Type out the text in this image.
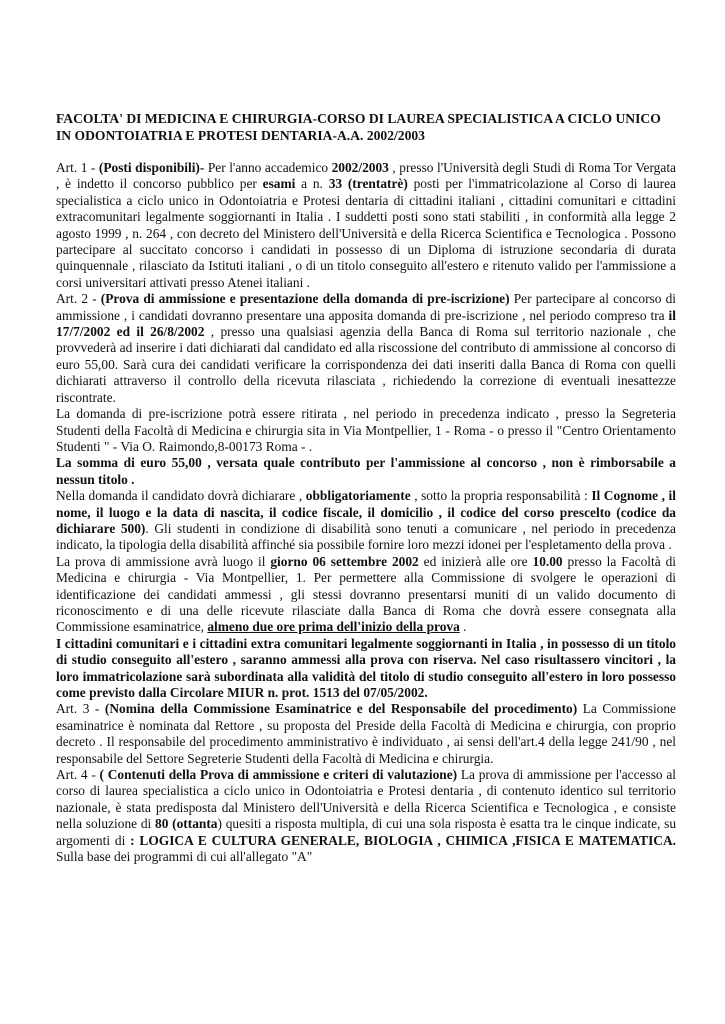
FACOLTA' DI MEDICINA E CHIRURGIA-CORSO DI LAUREA SPECIALISTICA A CICLO UNICO IN ODONTOIATRIA E PROTESI DENTARIA-A.A. 2002/2003

Art. 1 - (Posti disponibili)- Per l'anno accademico 2002/2003 , presso l'Università degli Studi di Roma Tor Vergata , è indetto il concorso pubblico per esami a n. 33 (trentatrè) posti per l'immatricolazione al Corso di laurea specialistica a ciclo unico in Odontoiatria e Protesi dentaria di cittadini italiani , cittadini comunitari e cittadini extracomunitari legalmente soggiornanti in Italia . I suddetti posti sono stati stabiliti , in conformità alla legge 2 agosto 1999 , n. 264 , con decreto del Ministero dell'Università e della Ricerca Scientifica e Tecnologica . Possono partecipare al succitato concorso i candidati in possesso di un Diploma di istruzione secondaria di durata quinquennale , rilasciato da Istituti italiani , o di un titolo conseguito all'estero e ritenuto valido per l'ammissione a corsi universitari attivati presso Atenei italiani .

Art. 2 - (Prova di ammissione e presentazione della domanda di pre-iscrizione) Per partecipare al concorso di ammissione , i candidati dovranno presentare una apposita domanda di pre-iscrizione , nel periodo compreso tra il 17/7/2002 ed il 26/8/2002 , presso una qualsiasi agenzia della Banca di Roma sul territorio nazionale , che provvederà ad inserire i dati dichiarati dal candidato ed alla riscossione del contributo di ammissione al concorso di euro 55,00. Sarà cura dei candidati verificare la corrispondenza dei dati inseriti dalla Banca di Roma con quelli dichiarati attraverso il controllo della ricevuta rilasciata , richiedendo la correzione di eventuali inesattezze riscontrate.

La domanda di pre-iscrizione potrà essere ritirata , nel periodo in precedenza indicato , presso la Segreteria Studenti della Facoltà di Medicina e chirurgia sita in Via Montpellier, 1 - Roma - o presso il "Centro Orientamento Studenti " - Via O. Raimondo,8-00173 Roma - .

La somma di euro 55,00 , versata quale contributo per l'ammissione al concorso , non è rimborsabile a nessun titolo .

Nella domanda il candidato dovrà dichiarare , obbligatoriamente , sotto la propria responsabilità : Il Cognome , il nome, il luogo e la data di nascita, il codice fiscale, il domicilio , il codice del corso prescelto (codice da dichiarare 500). Gli studenti in condizione di disabilità sono tenuti a comunicare , nel periodo in precedenza indicato, la tipologia della disabilità affinché sia possibile fornire loro mezzi idonei per l'espletamento della prova .

La prova di ammissione avrà luogo il giorno 06 settembre 2002 ed inizierà alle ore 10.00 presso la Facoltà di Medicina e chirurgia - Via Montpellier, 1. Per permettere alla Commissione di svolgere le operazioni di identificazione dei candidati ammessi , gli stessi dovranno presentarsi muniti di un valido documento di riconoscimento e di una delle ricevute rilasciate dalla Banca di Roma che dovrà essere consegnata alla Commissione esaminatrice, almeno due ore prima dell'inizio della prova .

I cittadini comunitari e i cittadini extra comunitari legalmente soggiornanti in Italia , in possesso di un titolo di studio conseguito all'estero , saranno ammessi alla prova con riserva. Nel caso risultassero vincitori , la loro immatricolazione sarà subordinata alla validità del titolo di studio conseguito all'estero in loro possesso come previsto dalla Circolare MIUR n. prot. 1513 del 07/05/2002.

Art. 3 - (Nomina della Commissione Esaminatrice e del Responsabile del procedimento) La Commissione esaminatrice è nominata dal Rettore , su proposta del Preside della Facoltà di Medicina e chirurgia, con proprio decreto . Il responsabile del procedimento amministrativo è individuato , ai sensi dell'art.4 della legge 241/90 , nel responsabile del Settore Segreterie Studenti della Facoltà di Medicina e chirurgia.

Art. 4 - ( Contenuti della Prova di ammissione e criteri di valutazione) La prova di ammissione per l'accesso al corso di laurea specialistica a ciclo unico in Odontoiatria e Protesi dentaria , di contenuto identico sul territorio nazionale, è stata predisposta dal Ministero dell'Università e della Ricerca Scientifica e Tecnologica , e consiste nella soluzione di 80 (ottanta) quesiti a risposta multipla, di cui una sola risposta è esatta tra le cinque indicate, su argomenti di : LOGICA E CULTURA GENERALE, BIOLOGIA , CHIMICA ,FISICA E MATEMATICA. Sulla base dei programmi di cui all'allegato "A"
